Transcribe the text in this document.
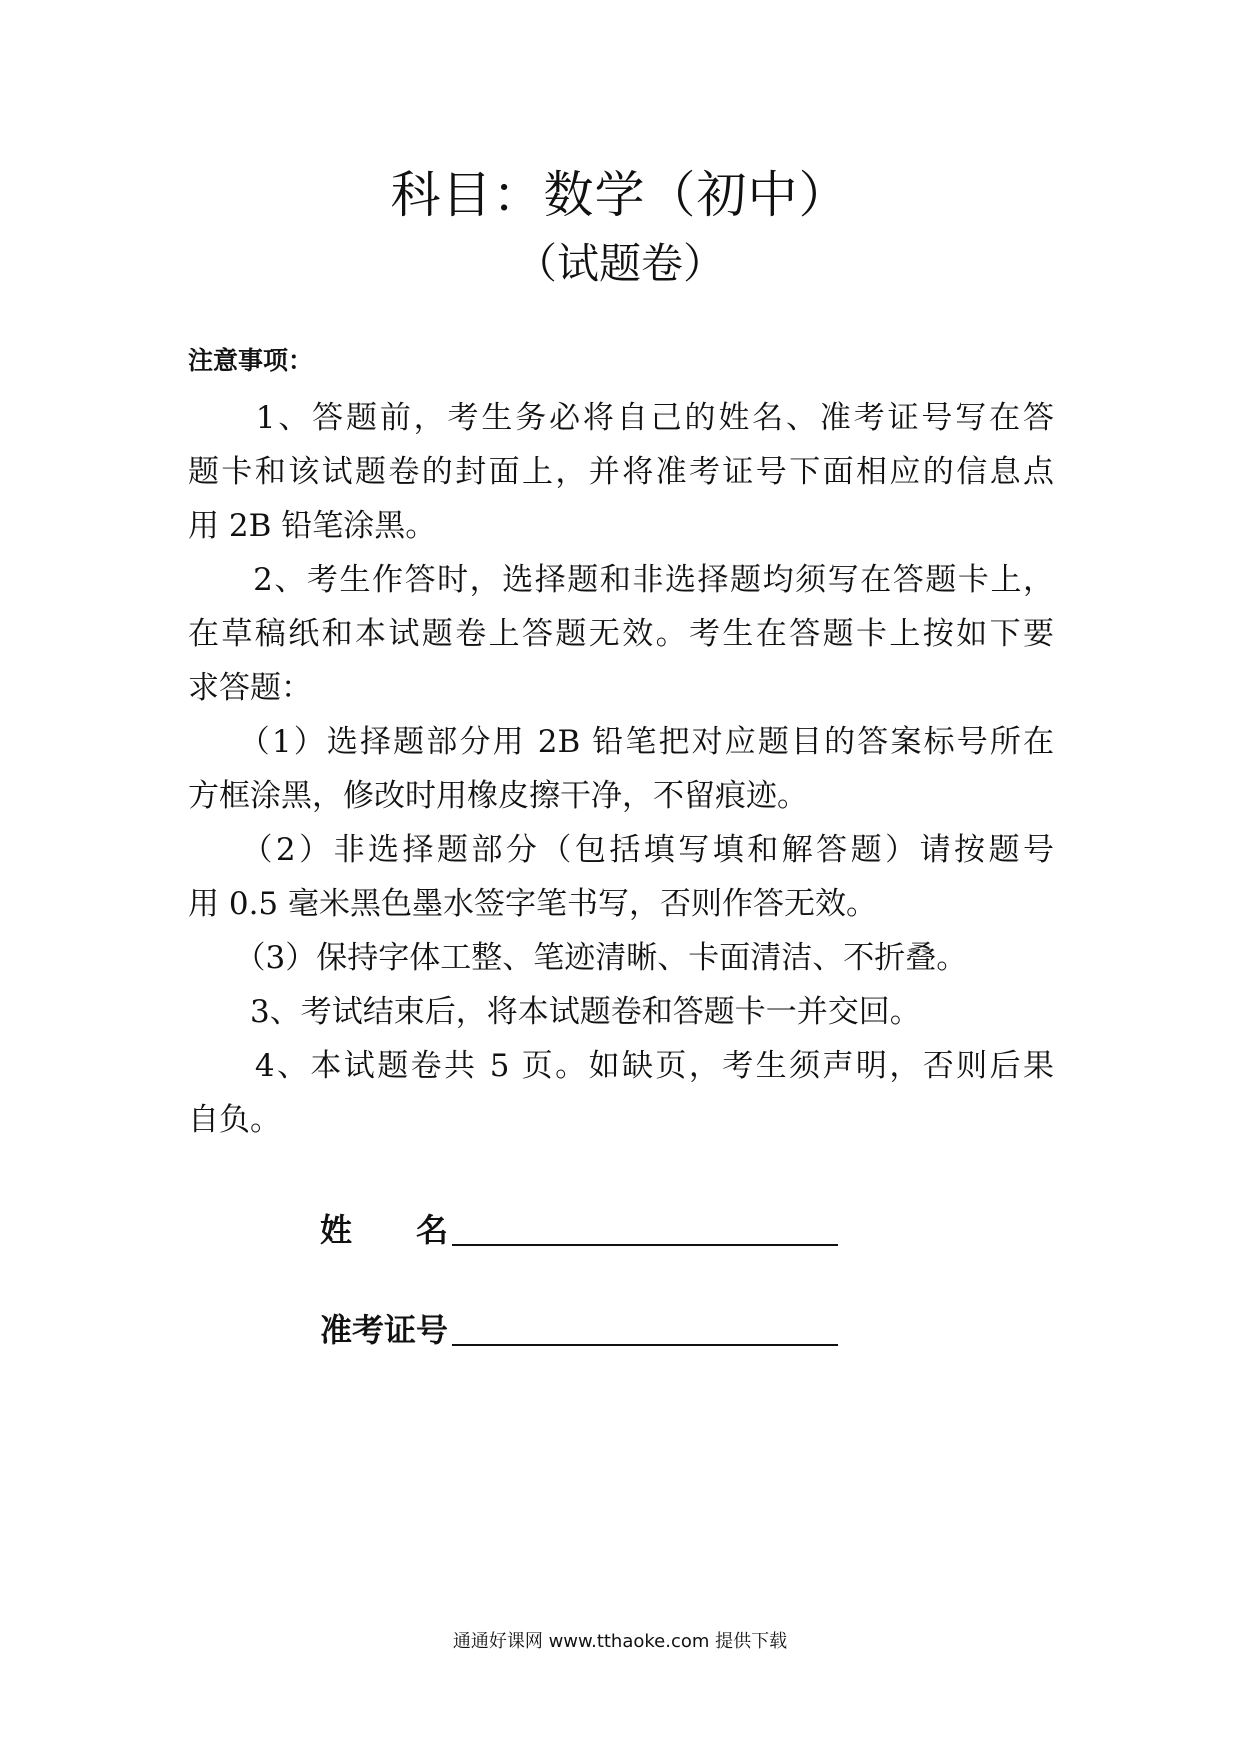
科目：数学（初中）
（试题卷）
注意事项：
　　1、答题前，考生务必将自己的姓名、准考证号写在答
题卡和该试题卷的封面上，并将准考证号下面相应的信息点
用 2B 铅笔涂黑。
　　2、考生作答时，选择题和非选择题均须写在答题卡上，
在草稿纸和本试题卷上答题无效。考生在答题卡上按如下要
求答题：
　　（1）选择题部分用 2B 铅笔把对应题目的答案标号所在
方框涂黑，修改时用橡皮擦干净，不留痕迹。
　　（2）非选择题部分（包括填写填和解答题）请按题号
用 0.5 毫米黑色墨水签字笔书写，否则作答无效。
　　（3）保持字体工整、笔迹清晰、卡面清洁、不折叠。
　　3、考试结束后，将本试题卷和答题卡一并交回。
　　4、本试题卷共 5 页。如缺页，考生须声明，否则后果
自负。
姓　　名
准考证号
通通好课网 www.tthaoke.com 提供下载
